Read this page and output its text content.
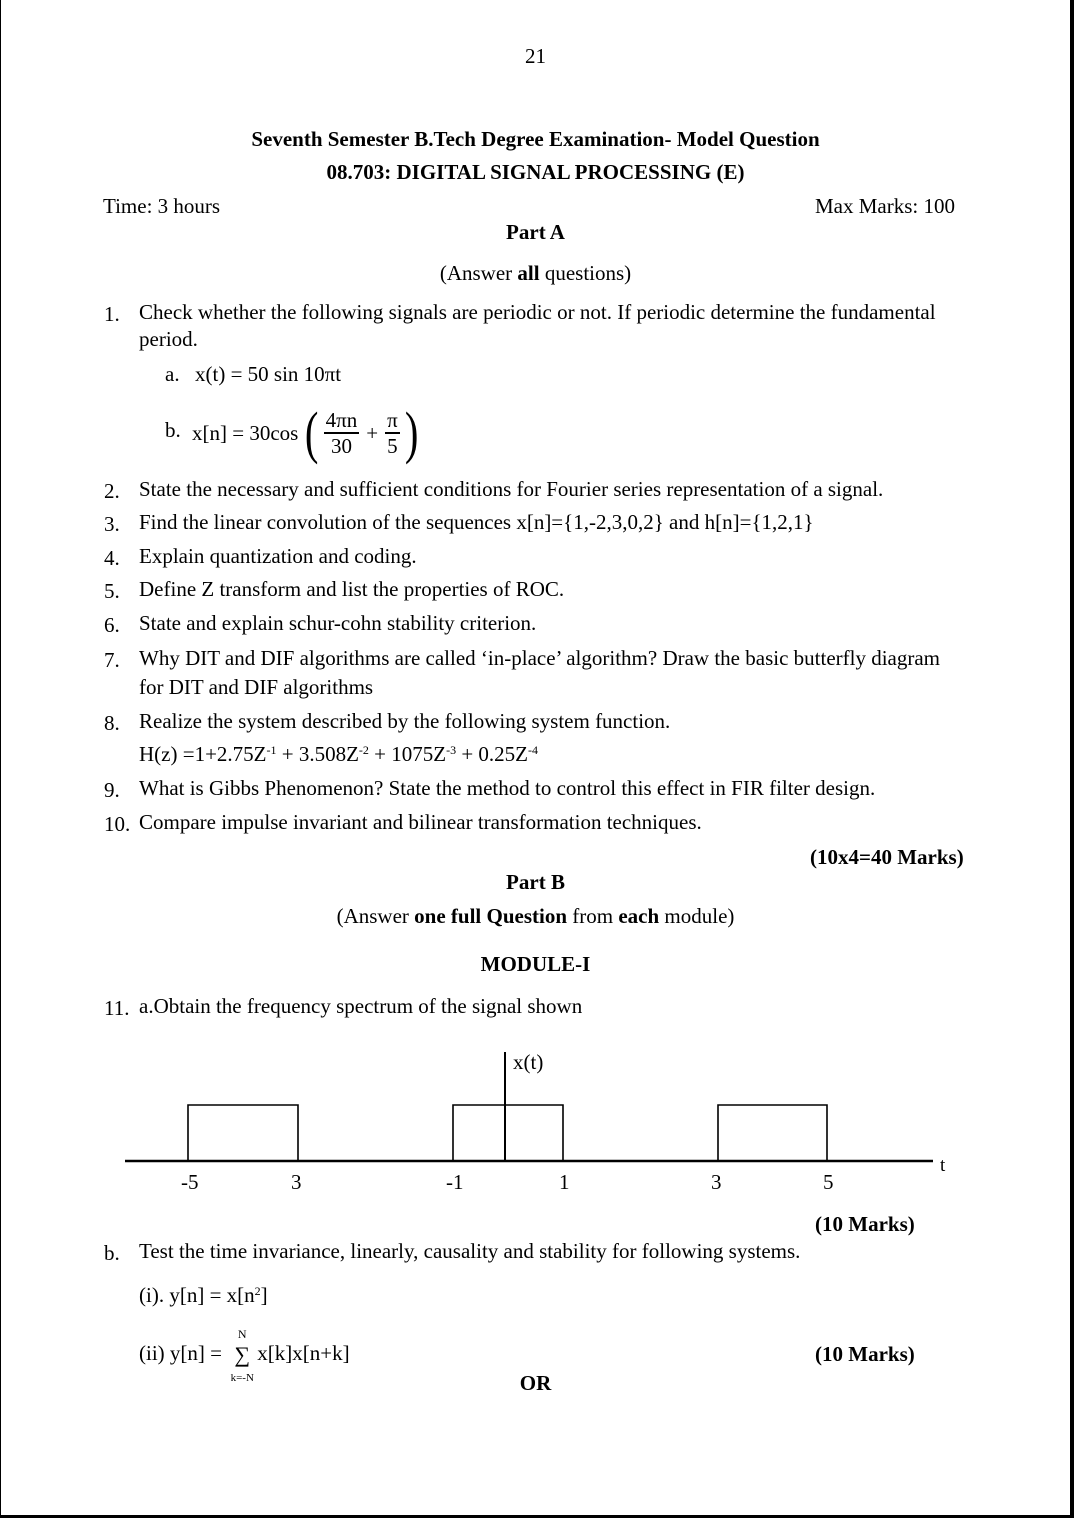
21
Seventh Semester B.Tech Degree Examination- Model Question
08.703: DIGITAL SIGNAL PROCESSING (E)
Time: 3 hours	Max Marks: 100
Part A
(Answer all questions)
1. Check whether the following signals are periodic or not. If periodic determine the fundamental
period.
a. x(t) = 50 sin 10πt
b. x[n] = 30cos ( $\frac{4\pi n}{30} + \frac{\pi}{5}$ )
2. State the necessary and sufficient conditions for Fourier series representation of a signal.
3. Find the linear convolution of the sequences x[n]={1,-2,3,0,2} and h[n]={1,2,1}
4. Explain quantization and coding.
5. Define Z transform and list the properties of ROC.
6. State and explain schur-cohn stability criterion.
7. Why DIT and DIF algorithms are called ‘in-place’ algorithm? Draw the basic butterfly diagram
for DIT and DIF algorithms
8. Realize the system described by the following system function.
$H(z) =1+2.75Z^{-1} + 3.508Z^{-2} + 1075Z^{-3} + 0.25Z^{-4}$
9. What is Gibbs Phenomenon? State the method to control this effect in FIR filter design.
10. Compare impulse invariant and bilinear transformation techniques.
(10x4=40 Marks)
Part B
(Answer one full Question from each module)
MODULE-I
11. a.Obtain the frequency spectrum of the signal shown
x(t)
t
-5	3	-1	1	3	5
(10 Marks)
b. Test the time invariance, linearly, causality and stability for following systems.
(i). $y[n] = x[n^2]$
(ii) y[n] =
N
∑
k=-N
x[k]x[n+k]	(10 Marks)
OR
